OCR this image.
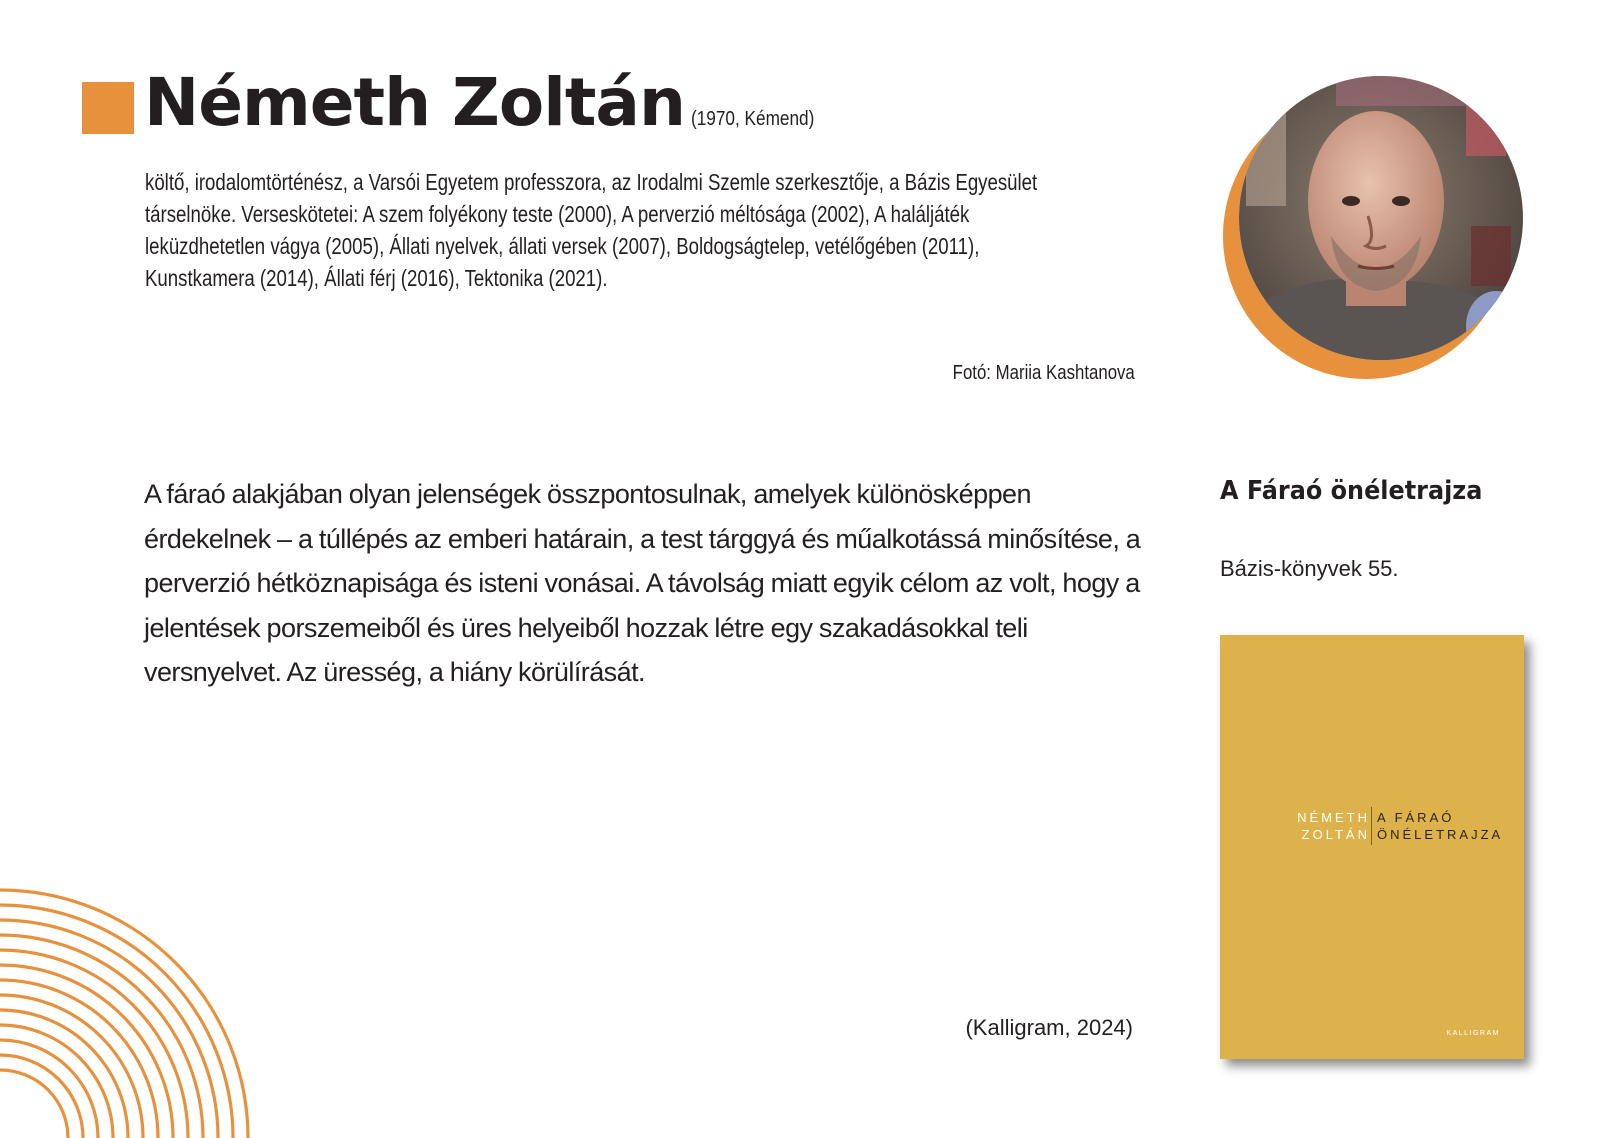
Németh Zoltán (1970, Kémend)
költő, irodalomtörténész, a Varsói Egyetem professzora, az Irodalmi Szemle szerkesztője, a Bázis Egyesület társelnöke. Verseskötetei: A szem folyékony teste (2000), A perverzió méltósága (2002), A haláljáték leküzdhetetlen vágya (2005), Állati nyelvek, állati versek (2007), Boldogságtelep, vetélőgében (2011), Kunstkamera (2014), Állati férj (2016), Tektonika (2021).
Fotó: Mariia Kashtanova
A fáraó alakjában olyan jelenségek összpontosulnak, amelyek különösképpen érdekelnek – a túllépés az emberi határain, a test tárggyá és műalkotássá minősítése, a perverzió hétköznapisága és isteni vonásai. A távolság miatt egyik célom az volt, hogy a jelentések porszemeiből és üres helyeiből hozzak létre egy szakadásokkal teli versnyelvet. Az üresség, a hiány körülírását.
(Kalligram, 2024)
A Fáraó önéletrajza
Bázis-könyvek 55.
NÉMETH
ZOLTÁN
A FÁRAÓ
ÖNÉLETRAJZA
KALLIGRAM
